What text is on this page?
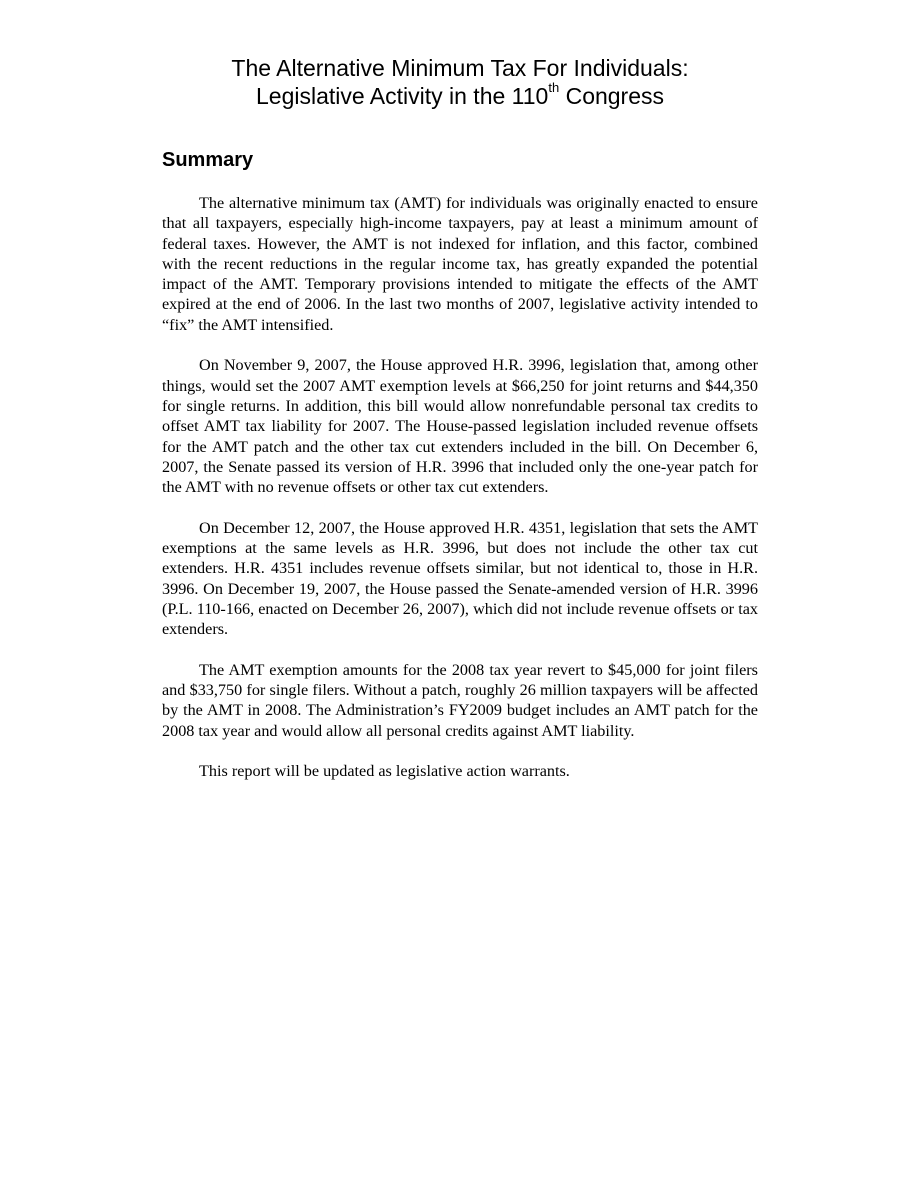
The Alternative Minimum Tax For Individuals:
Legislative Activity in the 110th Congress
Summary

The alternative minimum tax (AMT) for individuals was originally enacted to ensure that all taxpayers, especially high-income taxpayers, pay at least a minimum amount of federal taxes. However, the AMT is not indexed for inflation, and this factor, combined with the recent reductions in the regular income tax, has greatly expanded the potential impact of the AMT. Temporary provisions intended to mitigate the effects of the AMT expired at the end of 2006. In the last two months of 2007, legislative activity intended to “fix” the AMT intensified.

On November 9, 2007, the House approved H.R. 3996, legislation that, among other things, would set the 2007 AMT exemption levels at $66,250 for joint returns and $44,350 for single returns. In addition, this bill would allow nonrefundable personal tax credits to offset AMT tax liability for 2007. The House-passed legislation included revenue offsets for the AMT patch and the other tax cut extenders included in the bill. On December 6, 2007, the Senate passed its version of H.R. 3996 that included only the one-year patch for the AMT with no revenue offsets or other tax cut extenders.

On December 12, 2007, the House approved H.R. 4351, legislation that sets the AMT exemptions at the same levels as H.R. 3996, but does not include the other tax cut extenders. H.R. 4351 includes revenue offsets similar, but not identical to, those in H.R. 3996. On December 19, 2007, the House passed the Senate-amended version of H.R. 3996 (P.L. 110-166, enacted on December 26, 2007), which did not include revenue offsets or tax extenders.

The AMT exemption amounts for the 2008 tax year revert to $45,000 for joint filers and $33,750 for single filers. Without a patch, roughly 26 million taxpayers will be affected by the AMT in 2008. The Administration’s FY2009 budget includes an AMT patch for the 2008 tax year and would allow all personal credits against AMT liability.

This report will be updated as legislative action warrants.
